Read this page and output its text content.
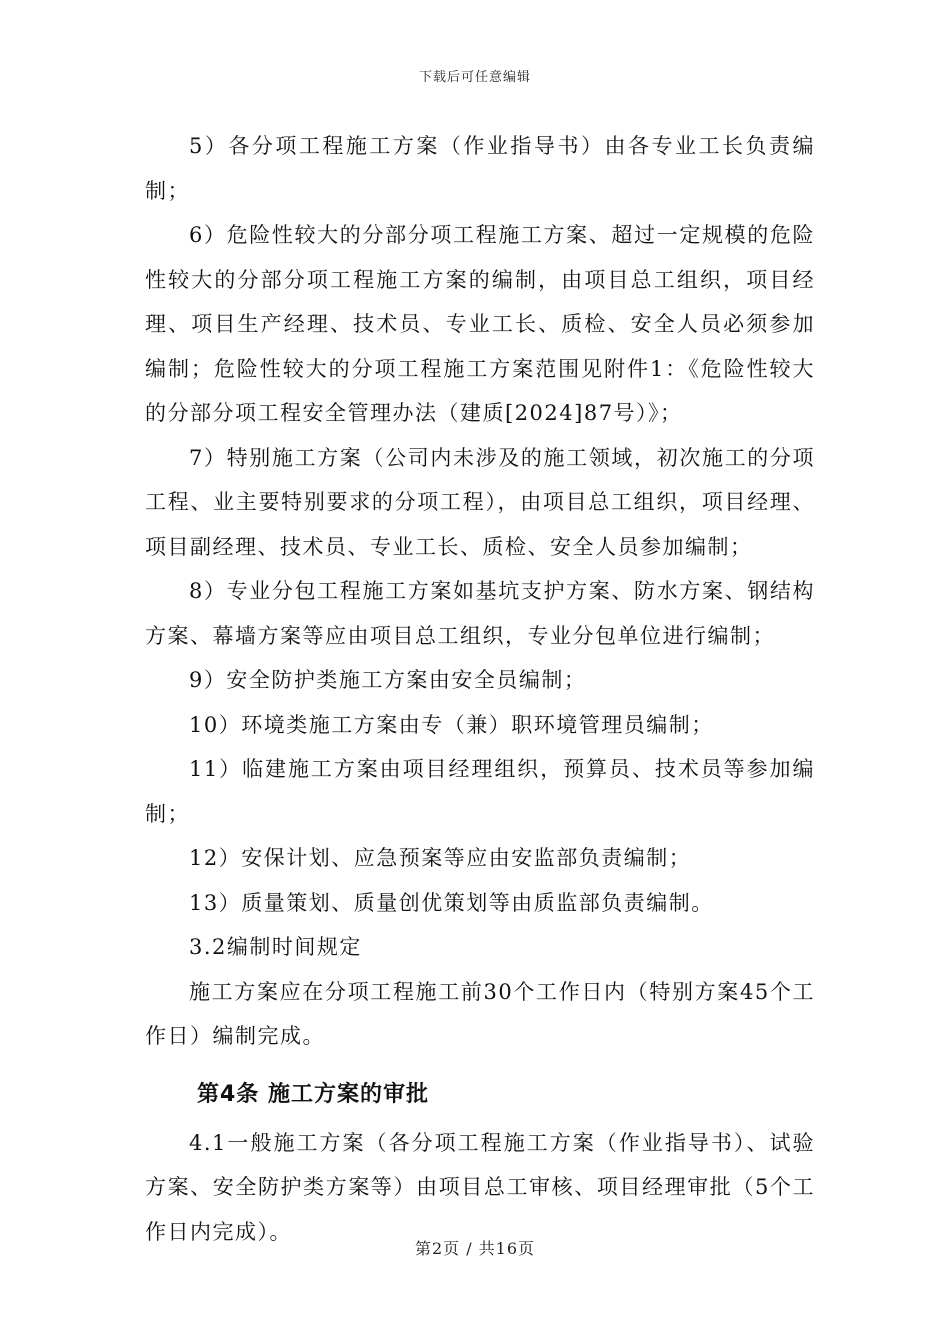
下载后可任意编辑

5）各分项工程施工方案（作业指导书）由各专业工长负责编制；

6）危险性较大的分部分项工程施工方案、超过一定规模的危险性较大的分部分项工程施工方案的编制，由项目总工组织，项目经理、项目生产经理、技术员、专业工长、质检、安全人员必须参加编制；危险性较大的分项工程施工方案范围见附件1：《危险性较大的分部分项工程安全管理办法（建质[2024]87号）》；

7）特别施工方案（公司内未涉及的施工领域，初次施工的分项工程、业主要特别要求的分项工程），由项目总工组织，项目经理、项目副经理、技术员、专业工长、质检、安全人员参加编制；

8）专业分包工程施工方案如基坑支护方案、防水方案、钢结构方案、幕墙方案等应由项目总工组织，专业分包单位进行编制；

9）安全防护类施工方案由安全员编制；

10）环境类施工方案由专（兼）职环境管理员编制；

11）临建施工方案由项目经理组织，预算员、技术员等参加编制；

12）安保计划、应急预案等应由安监部负责编制；

13）质量策划、质量创优策划等由质监部负责编制。

3.2编制时间规定

施工方案应在分项工程施工前30个工作日内（特别方案45个工作日）编制完成。

第4条 施工方案的审批

4.1一般施工方案（各分项工程施工方案（作业指导书）、试验方案、安全防护类方案等）由项目总工审核、项目经理审批（5个工作日内完成）。

第2页 / 共16页
